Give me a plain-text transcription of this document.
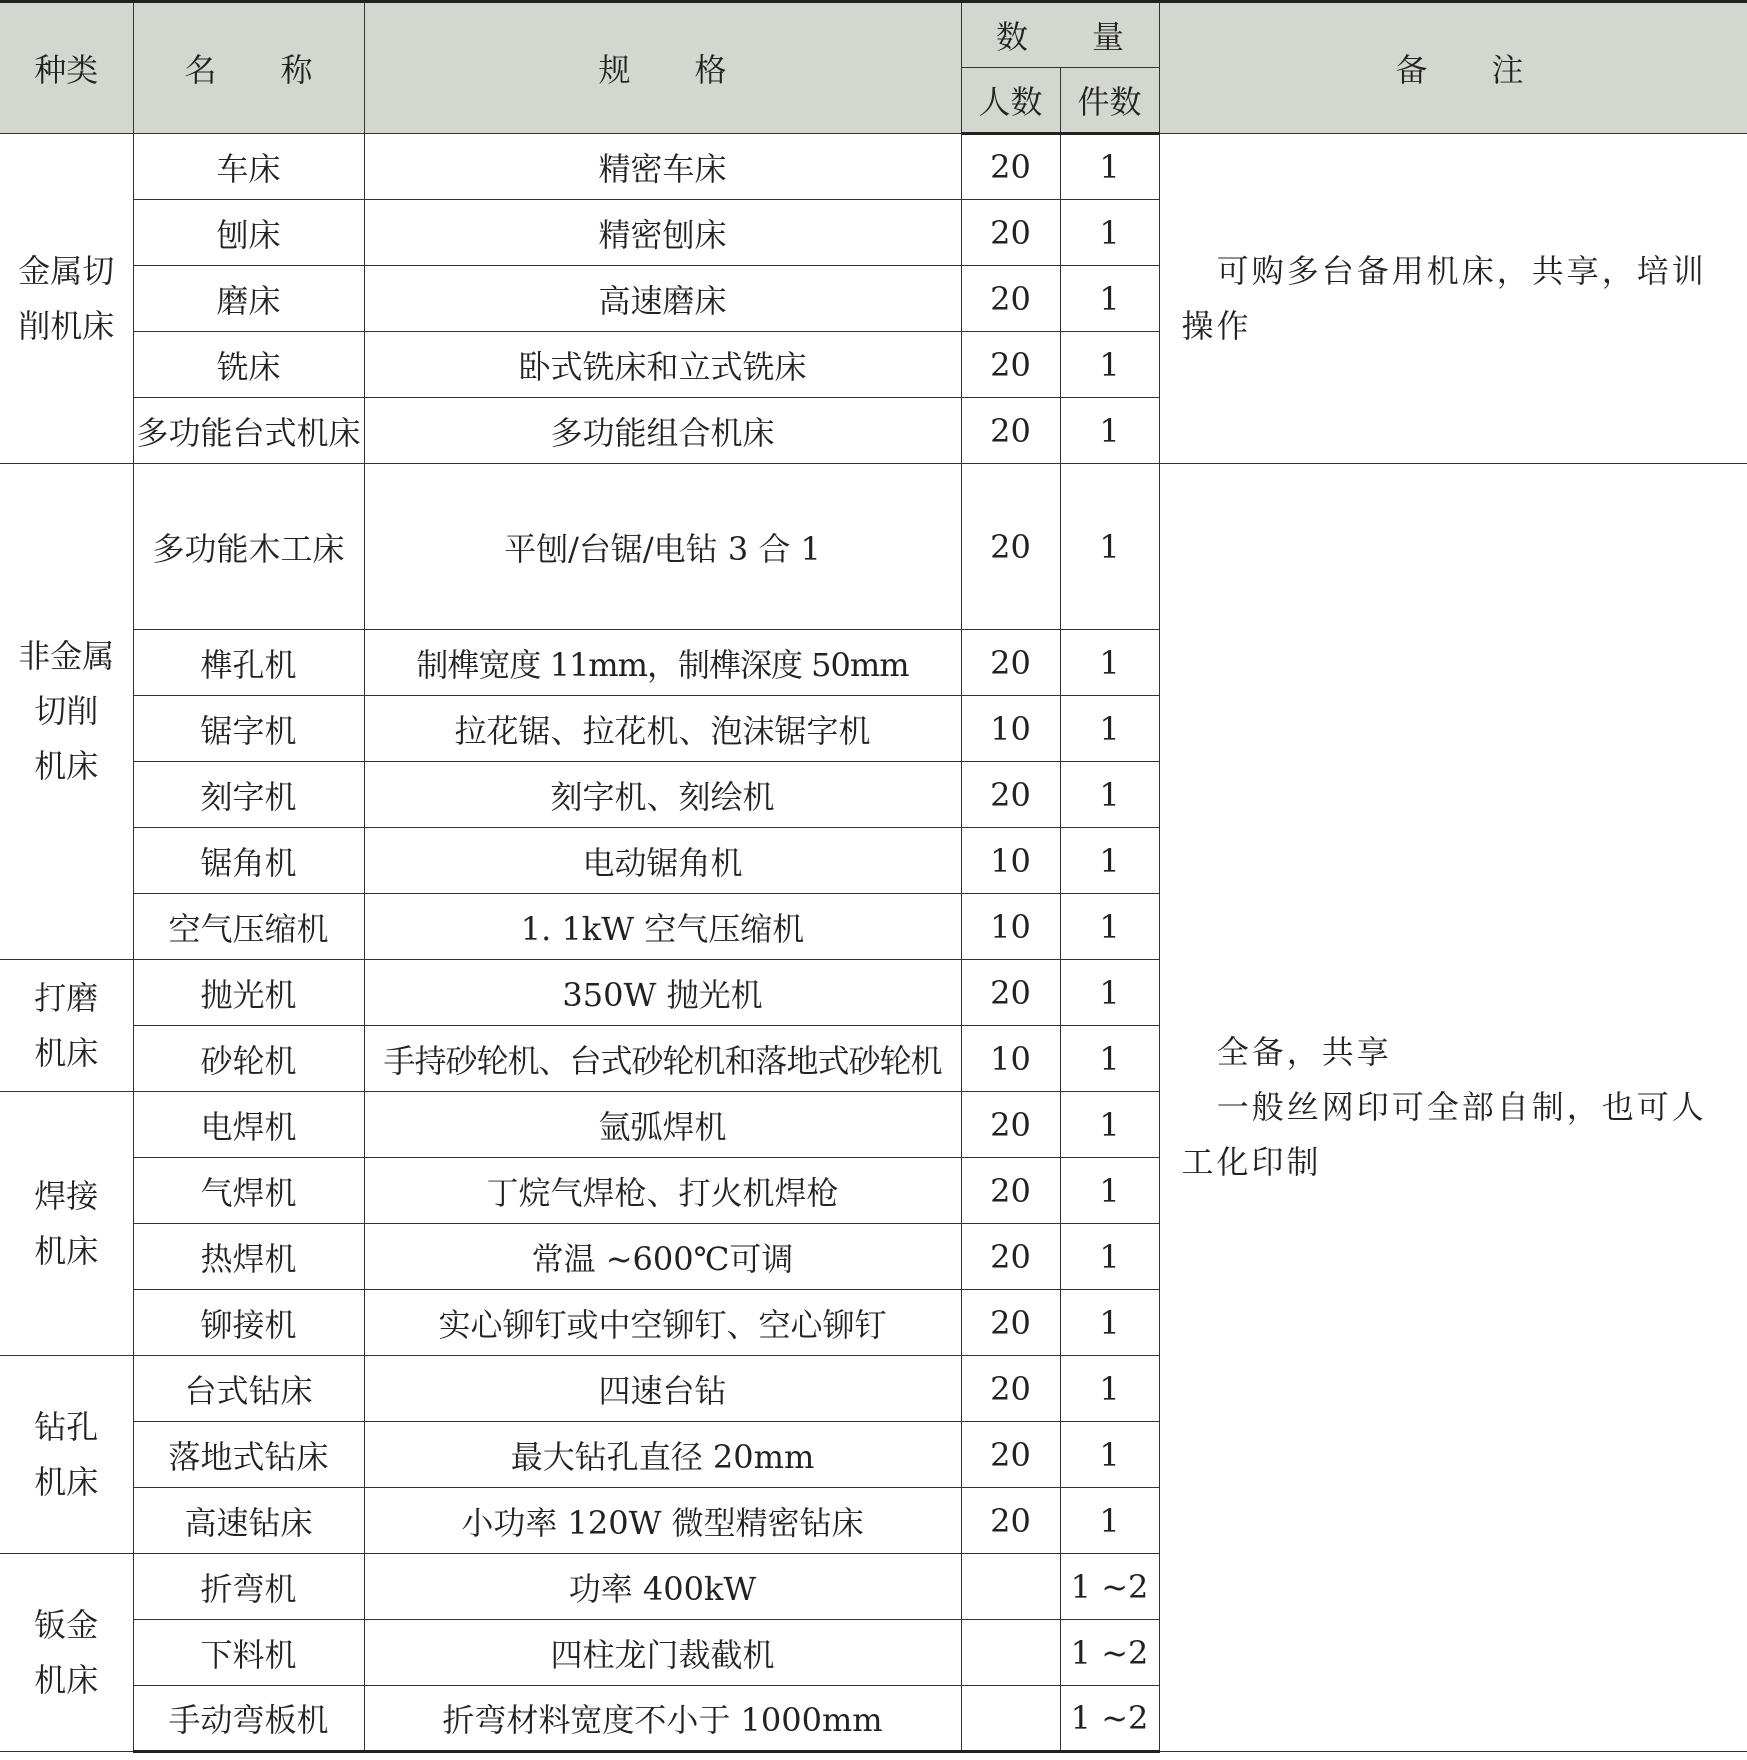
种类	名　　称	规　　格	数　　量		备　　注
			人数	件数	

金属切
削机床	车床	精密车床	20	1	可购多台备用机床，共享，培训操作

	刨床	精密刨床	20	1	
	磨床	高速磨床	20	1	
	铣床	卧式铣床和立式铣床	20	1	
	多功能台式机床	多功能组合机床	20	1	

非金属
切削
机床	多功能木工床	平刨/台锯/电钻 3 合 1	20	1	全备，共享
一般丝网印可全部自制，也可人工化印制

	榫孔机	制榫宽度 11mm，制榫深度 50mm	20	1	
	锯字机	拉花锯、拉花机、泡沫锯字机	10	1	
	刻字机	刻字机、刻绘机	20	1	
	锯角机	电动锯角机	10	1	
	空气压缩机	1. 1kW 空气压缩机	10	1	

打磨
机床	抛光机	350W 抛光机	20	1	
	砂轮机	手持砂轮机、台式砂轮机和落地式砂轮机	10	1	

焊接
机床	电焊机	氩弧焊机	20	1	
	气焊机	丁烷气焊枪、打火机焊枪	20	1	
	热焊机	常温 ~600℃可调	20	1	
	铆接机	实心铆钉或中空铆钉、空心铆钉	20	1	

钻孔
机床	台式钻床	四速台钻	20	1	
	落地式钻床	最大钻孔直径 20mm	20	1	
	高速钻床	小功率 120W 微型精密钻床	20	1	

钣金
机床	折弯机	功率 400kW		1 ~2	
	下料机	四柱龙门裁截机		1 ~2	
	手动弯板机	折弯材料宽度不小于 1000mm		1 ~2	
